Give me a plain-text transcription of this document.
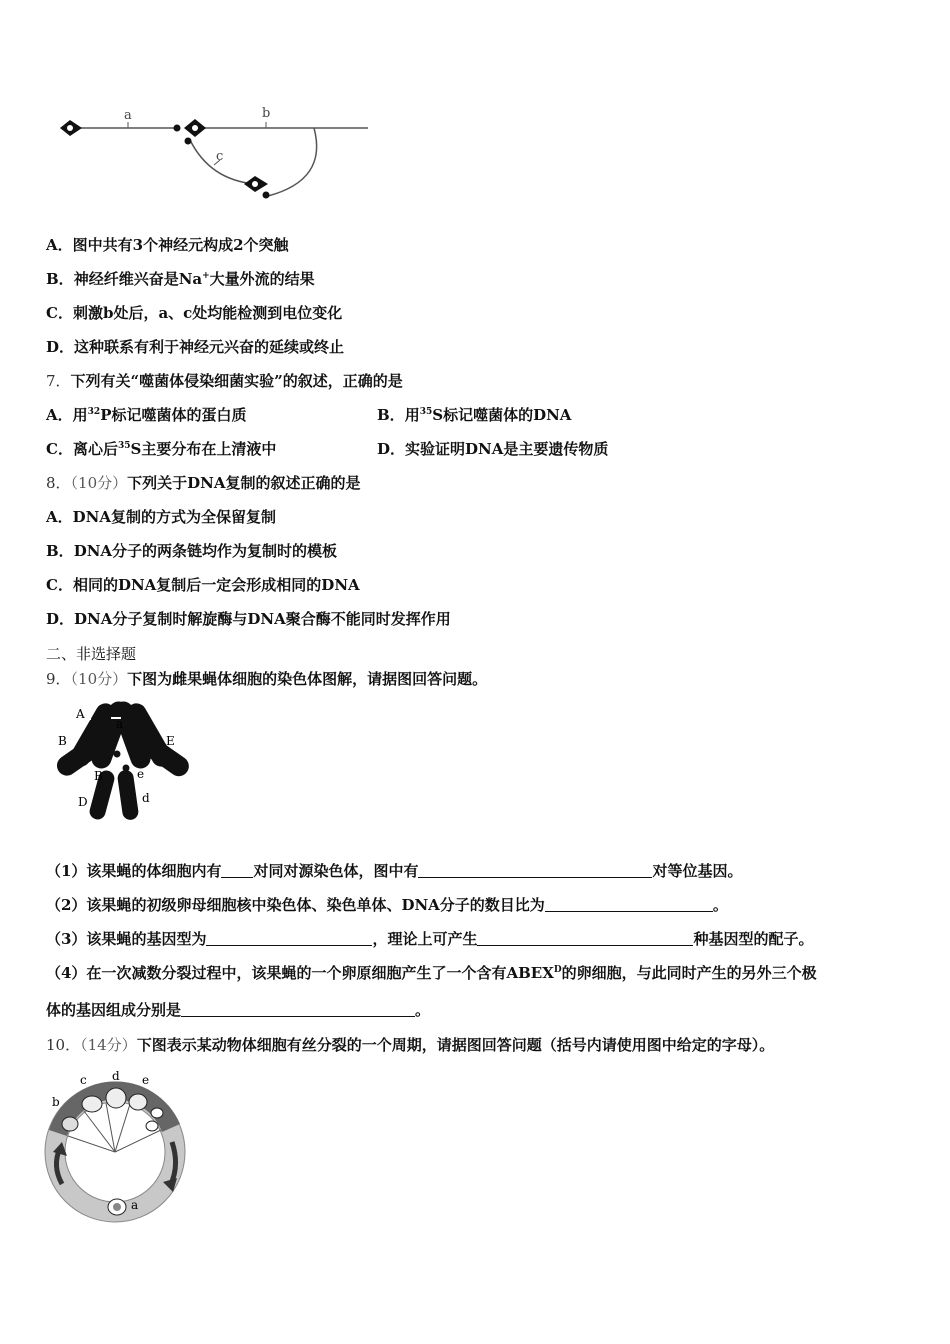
a	b
c
A．图中共有3个神经元构成2个突触
B．神经纤维兴奋是Na+大量外流的结果
C．刺激b处后，a、c处均能检测到电位变化
D．这种联系有利于神经元兴奋的延续或终止
7．下列有关“噬菌体侵染细菌实验”的叙述，正确的是
A．用$^{32}$P标记噬菌体的蛋白质	B．用$^{35}$S标记噬菌体的DNA
C．离心后$^{35}$S主要分布在上清液中	D．实验证明DNA是主要遗传物质
8．（10分）下列关于DNA复制的叙述正确的是
A．DNA复制的方式为全保留复制
B．DNA分子的两条链均作为复制时的模板
C．相同的DNA复制后一定会形成相同的DNA
D．DNA分子复制时解旋酶与DNA聚合酶不能同时发挥作用
二、非选择题
9．（10分）下图为雌果蝇体细胞的染色体图解，请据图回答问题。
A
a
B	E
B	e
D	d
（1）该果蝇的体细胞内有 对同对源染色体，图中有	对等位基因。
（2）该果蝇的初级卵母细胞核中染色体、染色单体、DNA分子的数目比为	。
（3）该果蝇的基因型为	，理论上可产生	种基因型的配子。
（4）在一次减数分裂过程中，该果蝇的一个卵原细胞产生了一个含有$ABEX^D$的卵细胞，与此同时产生的另外三个极
体的基因组成分别是	。
10．（14分）下图表示某动物体细胞有丝分裂的一个周期，请据图回答问题（括号内请使用图中给定的字母）。
c d e
b
a
